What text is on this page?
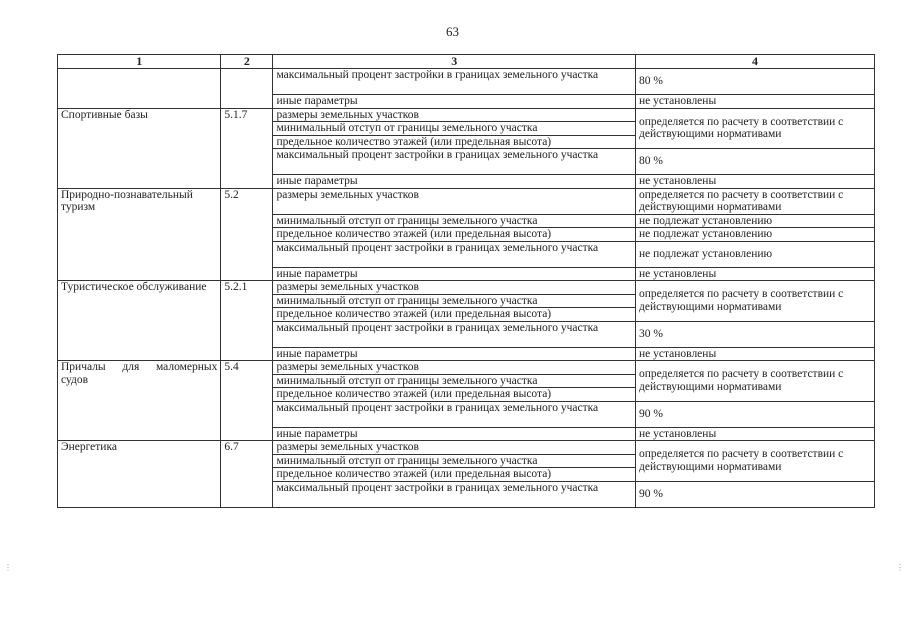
63
1	2	3	4
		максимальный процент застройки в границах земельного участка	80 %
		иные параметры	не установлены
Спортивные базы	5.1.7	размеры земельных участков	определяется по расчету в соответствии с действующими нормативами
		минимальный отступ от границы земельного участка	
		предельное количество этажей (или предельная высота)	
		максимальный процент застройки в границах земельного участка	80 %
		иные параметры	не установлены
Природно-познавательный туризм	5.2	размеры земельных участков	определяется по расчету в соответствии с действующими нормативами
		минимальный отступ от границы земельного участка	не подлежат установлению
		предельное количество этажей (или предельная высота)	не подлежат установлению
		максимальный процент застройки в границах земельного участка	не подлежат установлению
		иные параметры	не установлены
Туристическое обслуживание	5.2.1	размеры земельных участков	определяется по расчету в соответствии с действующими нормативами
		минимальный отступ от границы земельного участка	
		предельное количество этажей (или предельная высота)	
		максимальный процент застройки в границах земельного участка	30 %
		иные параметры	не установлены
Причалы для маломерных судов	5.4	размеры земельных участков	определяется по расчету в соответствии с действующими нормативами
		минимальный отступ от границы земельного участка	
		предельное количество этажей (или предельная высота)	
		максимальный процент застройки в границах земельного участка	90 %
		иные параметры	не установлены
Энергетика	6.7	размеры земельных участков	определяется по расчету в соответствии с действующими нормативами
		минимальный отступ от границы земельного участка	
		предельное количество этажей (или предельная высота)	
		максимальный процент застройки в границах земельного участка	90 %
⋮	⋮
